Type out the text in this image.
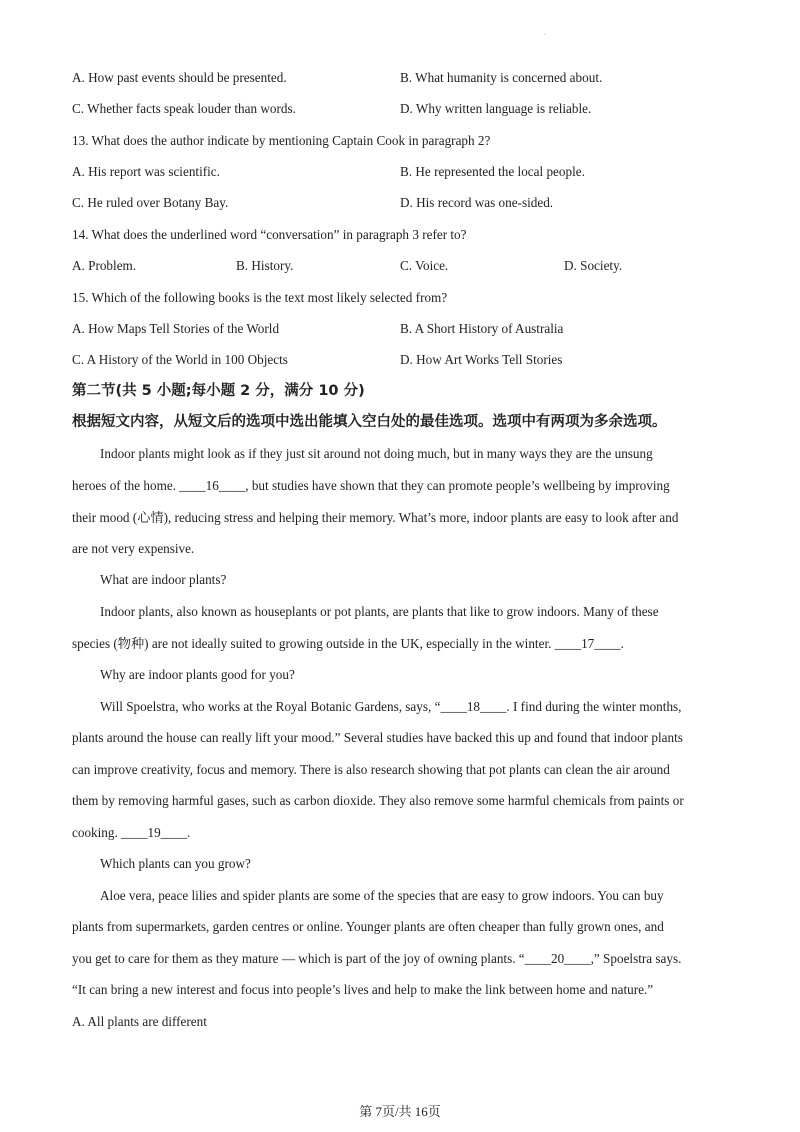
·
A. How past events should be presented.	B. What humanity is concerned about.
C. Whether facts speak louder than words.	D. Why written language is reliable.
13. What does the author indicate by mentioning Captain Cook in paragraph 2?
A. His report was scientific.	B. He represented the local people.
C. He ruled over Botany Bay.	D. His record was one-sided.
14. What does the underlined word “conversation” in paragraph 3 refer to?
A. Problem.	B. History.	C. Voice.	D. Society.
15. Which of the following books is the text most likely selected from?
A. How Maps Tell Stories of the World	B. A Short History of Australia
C. A History of the World in 100 Objects	D. How Art Works Tell Stories
第二节(共 5 小题;每小题 2 分，满分 10 分)
根据短文内容，从短文后的选项中选出能填入空白处的最佳选项。选项中有两项为多余选项。
Indoor plants might look as if they just sit around not doing much, but in many ways they are the unsung
heroes of the home. ____16____, but studies have shown that they can promote people’s wellbeing by improving
their mood (心情), reducing stress and helping their memory. What’s more, indoor plants are easy to look after and
are not very expensive.
What are indoor plants?
Indoor plants, also known as houseplants or pot plants, are plants that like to grow indoors. Many of these
species (物种) are not ideally suited to growing outside in the UK, especially in the winter. ____17____.
Why are indoor plants good for you?
Will Spoelstra, who works at the Royal Botanic Gardens, says, “____18____. I find during the winter months,
plants around the house can really lift your mood.” Several studies have backed this up and found that indoor plants
can improve creativity, focus and memory. There is also research showing that pot plants can clean the air around
them by removing harmful gases, such as carbon dioxide. They also remove some harmful chemicals from paints or
cooking. ____19____.
Which plants can you grow?
Aloe vera, peace lilies and spider plants are some of the species that are easy to grow indoors. You can buy
plants from supermarkets, garden centres or online. Younger plants are often cheaper than fully grown ones, and
you get to care for them as they mature — which is part of the joy of owning plants. “____20____,” Spoelstra says.
“It can bring a new interest and focus into people’s lives and help to make the link between home and nature.”
A. All plants are different
第 7页/共 16页
